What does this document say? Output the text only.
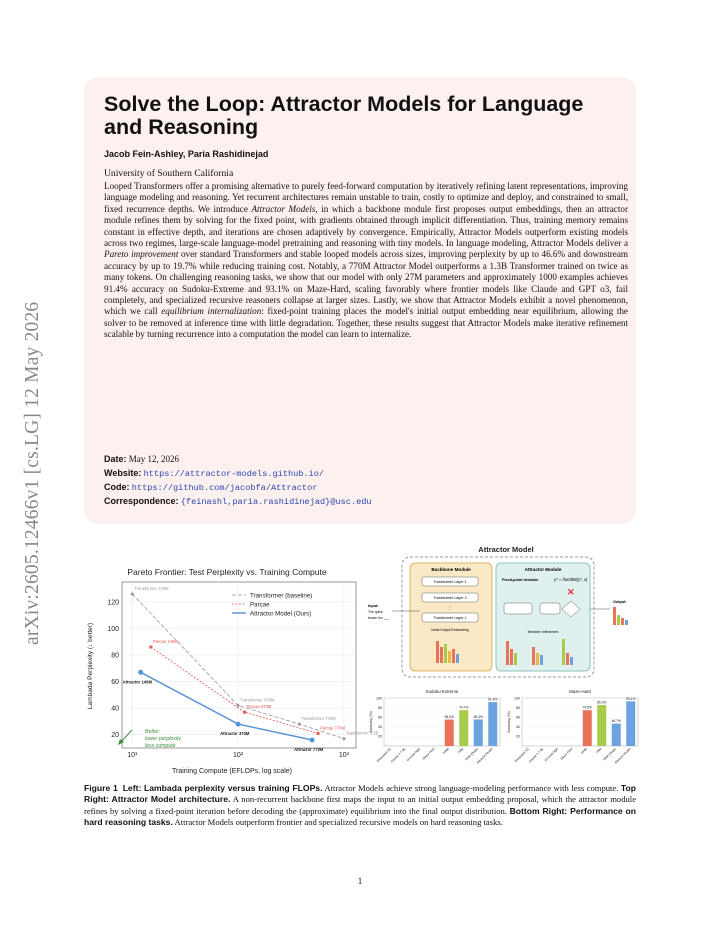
arXiv:2605.12466v1 [cs.LG] 12 May 2026
Solve the Loop: Attractor Models for Language and Reasoning
Jacob Fein-Ashley, Paria Rashidinejad
University of Southern California
Looped Transformers offer a promising alternative to purely feed-forward computation by iteratively refining latent representations, improving language modeling and reasoning. Yet recurrent architectures remain unstable to train, costly to optimize and deploy, and constrained to small, fixed recurrence depths. We introduce Attractor Models, in which a backbone module first proposes output embeddings, then an attractor module refines them by solving for the fixed point, with gradients obtained through implicit differentiation. Thus, training memory remains constant in effective depth, and iterations are chosen adaptively by convergence. Empirically, Attractor Models outperform existing models across two regimes, large-scale language-model pretraining and reasoning with tiny models. In language modeling, Attractor Models deliver a Pareto improvement over standard Transformers and stable looped models across sizes, improving perplexity by up to 46.6% and downstream accuracy by up to 19.7% while reducing training cost. Notably, a 770M Attractor Model outperforms a 1.3B Transformer trained on twice as many tokens. On challenging reasoning tasks, we show that our model with only 27M parameters and approximately 1000 examples achieves 91.4% accuracy on Sudoku-Extreme and 93.1% on Maze-Hard, scaling favorably where frontier models like Claude and GPT o3, fail completely, and specialized recursive reasoners collapse at larger sizes. Lastly, we show that Attractor Models exhibit a novel phenomenon, which we call equilibrium internalization: fixed-point training places the model's initial output embedding near equilibrium, allowing the solver to be removed at inference time with little degradation. Together, these results suggest that Attractor Models make iterative refinement scalable by turning recurrence into a computation the model can learn to internalize.
Date: May 12, 2026
Website: https://attractor-models.github.io/
Code: https://github.com/jacobfa/Attractor
Correspondence: {feinashl,paria.rashidinejad}@usc.edu
Pareto Frontier: Test Perplexity vs. Training Compute
Lambada Perplexity (↓ better)
Training Compute (EFLOPs, log scale)
20
40
60
80
100
120
10¹	10²	10³
Transformer 140M
Transformer 370M
Transformer 770M
Transformer 1.3B
Parcae 140M
Parcae 370M
Parcae 770M
Attractor 140M
Attractor 370M
Attractor 770M
Transformer (baseline)
Parcae
Attractor Model (Ours)
Better:
lower perplexity
less compute
Attractor Model
Backbone Module	Attractor Module
Transformer Layer 1
Transformer Layer 2
⋮
Transformer Layer L
Initial Output Embedding
Fixed-point iteration	y* = f\u03b8(y*, x)
✕
Iterative refinement
Input:
The quick
brown fox ___
Output:
Sudoku-Extreme
Accuracy (%)
20
40
60
80
100
Deepseek R1
Claude 3.7 8K O3-mini-high Direct Pred
55.0%
HRM
74.7%
TRM
55.3%
TRM (Deep)
91.4%
Attractor Model
Maze-Hard
Accuracy (%)
20
40
60
80
100
Deepseek R1
Claude 3.7 8K O3-mini-high Direct Pred
74.5%
HRM
85.3%
TRM
46.7%
TRM (Deep)
93.1%
Attractor Model
Figure 1 Left: Lambada perplexity versus training FLOPs. Attractor Models achieve strong language-modeling performance with less compute. Top Right: Attractor Model architecture. A non-recurrent backbone first maps the input to an initial output embedding proposal, which the attractor module refines by solving a fixed-point iteration before decoding the (approximate) equilibrium into the final output distribution. Bottom Right: Performance on hard reasoning tasks. Attractor Models outperform frontier and specialized recursive models on hard reasoning tasks.
1
